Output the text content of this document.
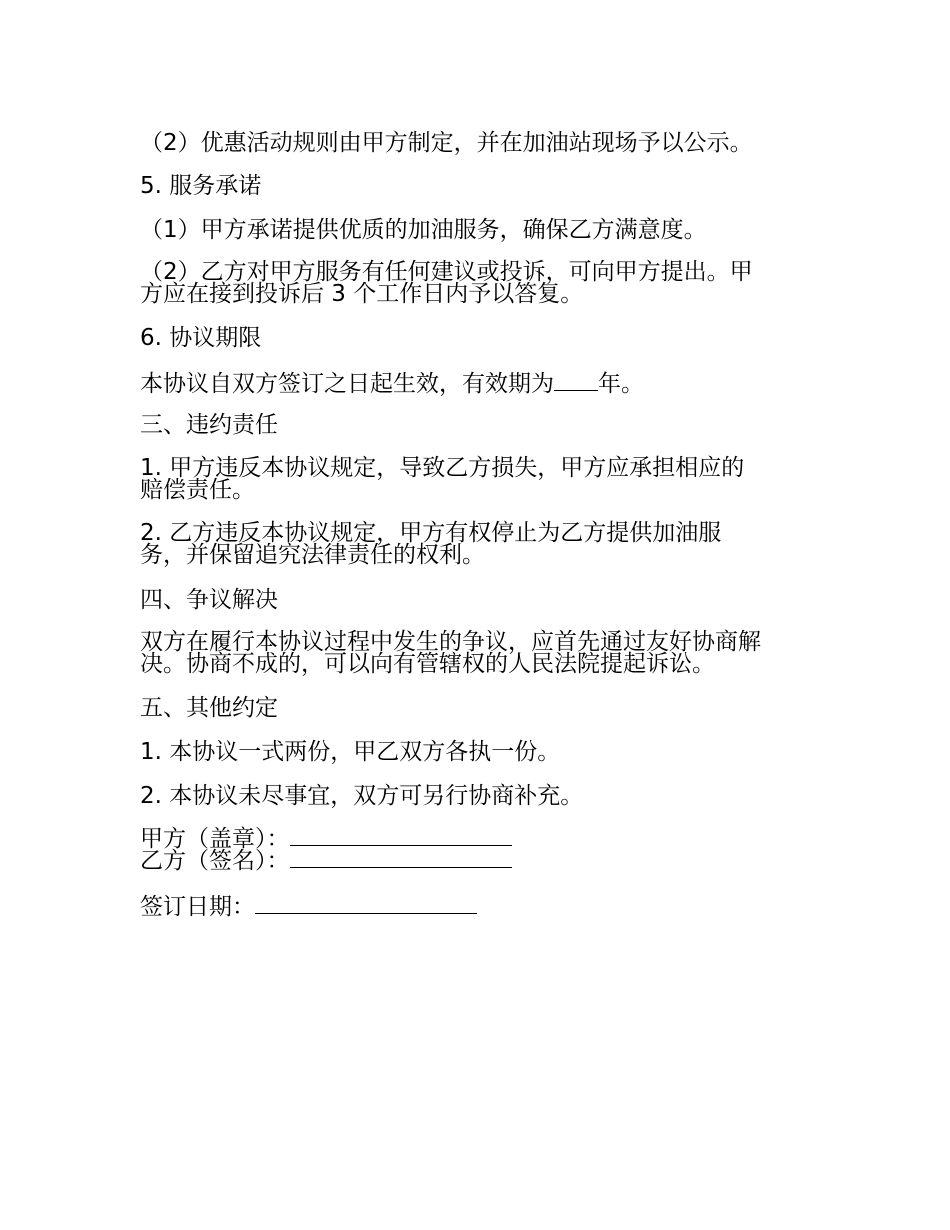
（2）优惠活动规则由甲方制定，并在加油站现场予以公示。
5. 服务承诺
（1）甲方承诺提供优质的加油服务，确保乙方满意度。
（2）乙方对甲方服务有任何建议或投诉，可向甲方提出。甲
方应在接到投诉后 3 个工作日内予以答复。
6. 协议期限
本协议自双方签订之日起生效，有效期为 年。
三、违约责任
1. 甲方违反本协议规定，导致乙方损失，甲方应承担相应的
赔偿责任。
2. 乙方违反本协议规定，甲方有权停止为乙方提供加油服
务，并保留追究法律责任的权利。
四、争议解决
双方在履行本协议过程中发生的争议，应首先通过友好协商解
决。协商不成的，可以向有管辖权的人民法院提起诉讼。
五、其他约定
1. 本协议一式两份，甲乙双方各执一份。
2. 本协议未尽事宜，双方可另行协商补充。
甲方（盖章）：
乙方（签名）：
签订日期：
